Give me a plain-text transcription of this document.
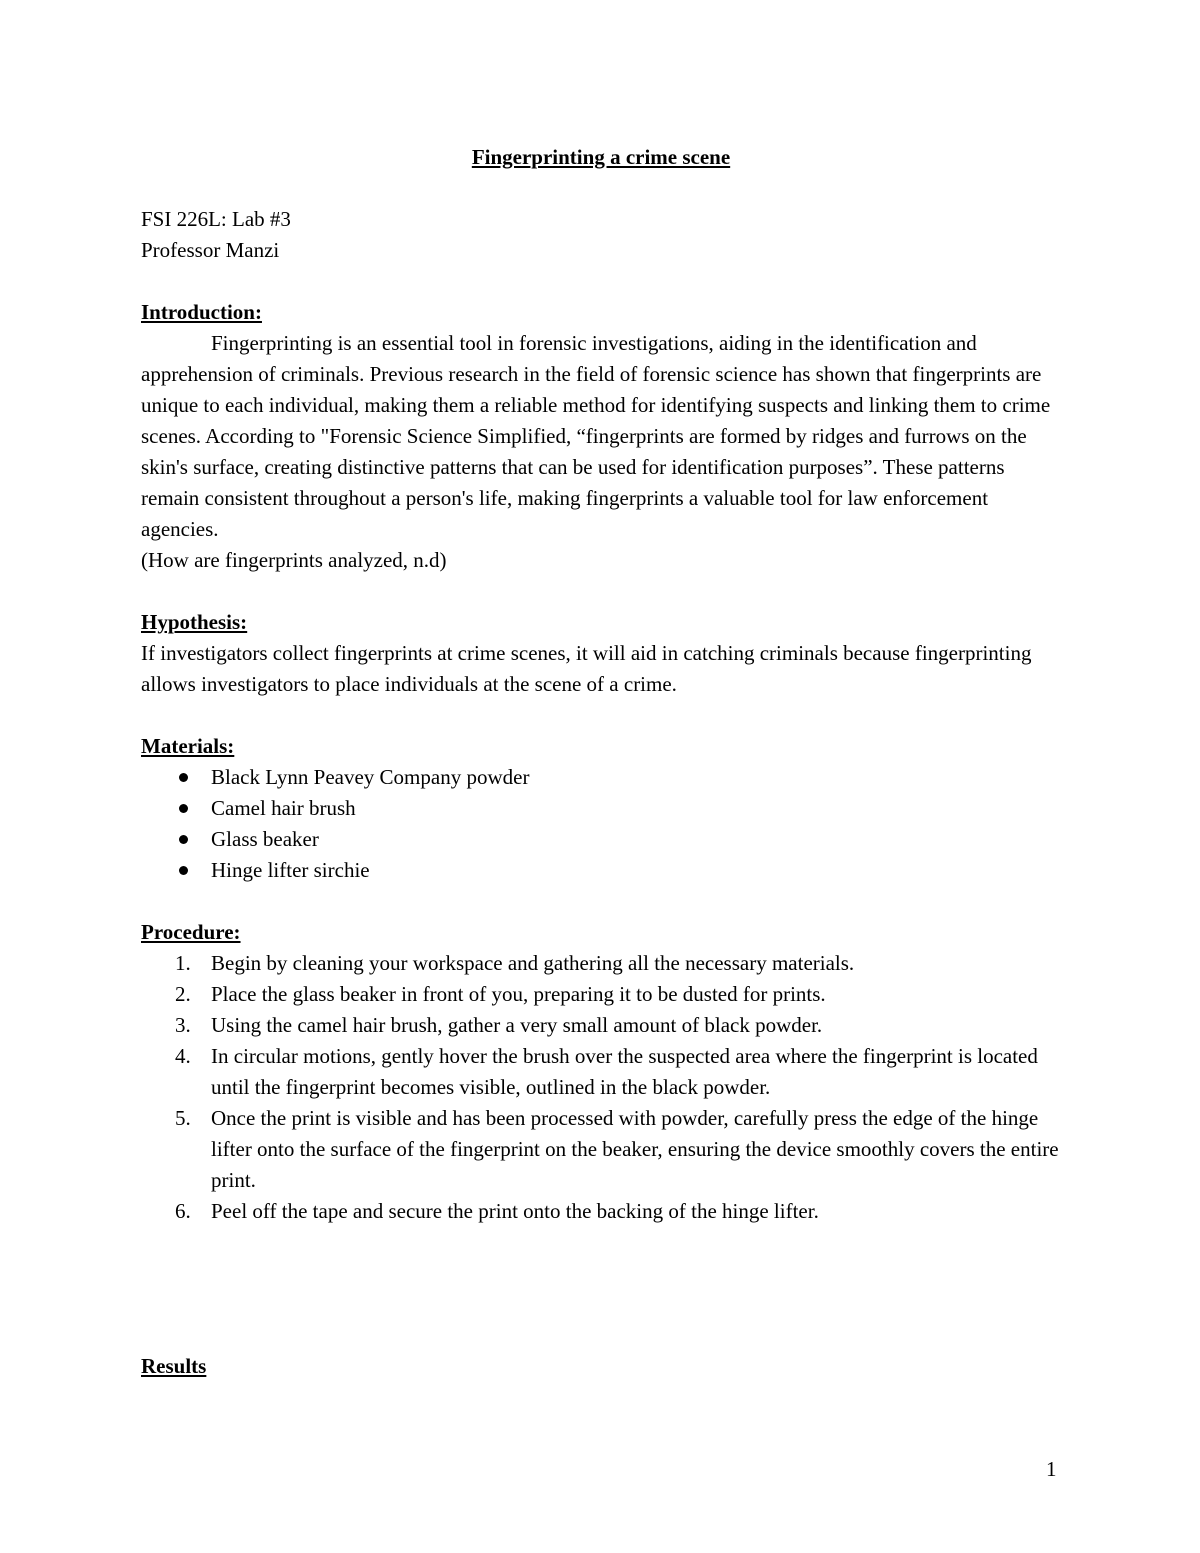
Fingerprinting a crime scene

FSI 226L: Lab #3

Professor Manzi

Introduction:

Fingerprinting is an essential tool in forensic investigations, aiding in the identification and apprehension of criminals. Previous research in the field of forensic science has shown that fingerprints are unique to each individual, making them a reliable method for identifying suspects and linking them to crime scenes. According to "Forensic Science Simplified, “fingerprints are formed by ridges and furrows on the skin's surface, creating distinctive patterns that can be used for identification purposes”. These patterns remain consistent throughout a person's life, making fingerprints a valuable tool for law enforcement agencies.

(How are fingerprints analyzed, n.d)

Hypothesis:

If investigators collect fingerprints at crime scenes, it will aid in catching criminals because fingerprinting allows investigators to place individuals at the scene of a crime.

Materials:

Black Lynn Peavey Company powder
Camel hair brush
Glass beaker
Hinge lifter sirchie

Procedure:

1. Begin by cleaning your workspace and gathering all the necessary materials.
2. Place the glass beaker in front of you, preparing it to be dusted for prints.
3. Using the camel hair brush, gather a very small amount of black powder.
4. In circular motions, gently hover the brush over the suspected area where the fingerprint is located until the fingerprint becomes visible, outlined in the black powder.
5. Once the print is visible and has been processed with powder, carefully press the edge of the hinge lifter onto the surface of the fingerprint on the beaker, ensuring the device smoothly covers the entire print.
6. Peel off the tape and secure the print onto the backing of the hinge lifter.

Results

1
